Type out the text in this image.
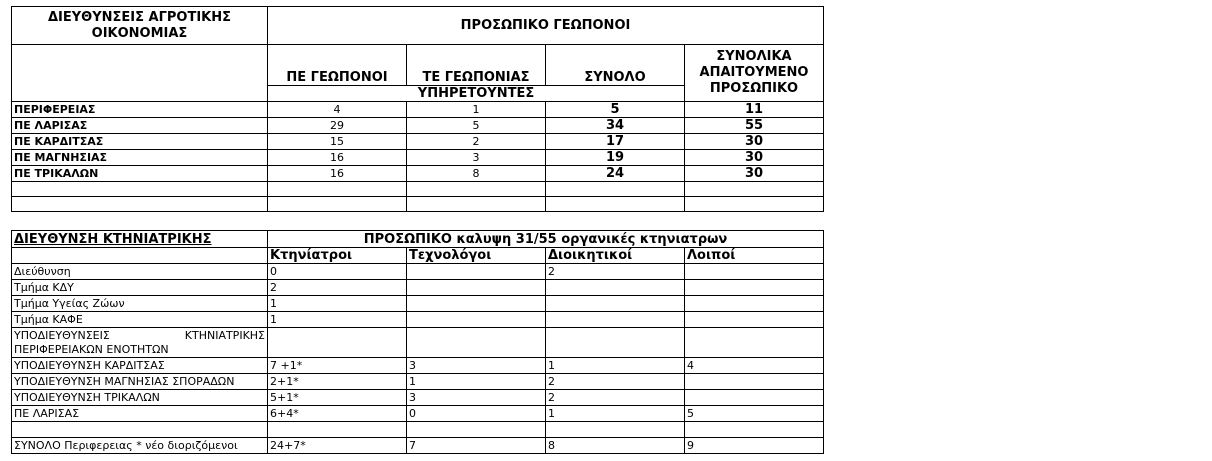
ΔΙΕΥΘΥΝΣΕΙΣ ΑΓΡΟΤΙΚΗΣ ΟΙΚΟΝΟΜΙΑΣ	ΠΡΟΣΩΠΙΚΟ ΓΕΩΠΟΝΟΙ			
	ΠΕ ΓΕΩΠΟΝΟΙ	ΤΕ ΓΕΩΠΟΝΙΑΣ	ΣΥΝΟΛΟ	ΣΥΝΟΛΙΚΑ ΑΠΑΙΤΟΥΜΕΝΟ ΠΡΟΣΩΠΙΚΟ
	ΥΠΗΡΕΤΟΥΝΤΕΣ			
ΠΕΡΙΦΕΡΕΙΑΣ	4	1	5	11
ΠΕ ΛΑΡΙΣΑΣ	29	5	34	55
ΠΕ ΚΑΡΔΙΤΣΑΣ	15	2	17	30
ΠΕ ΜΑΓΝΗΣΙΑΣ	16	3	19	30
ΠΕ ΤΡΙΚΑΛΩΝ	16	8	24	30

ΔΙΕΥΘΥΝΣΗ ΚΤΗΝΙΑΤΡΙΚΗΣ	ΠΡΟΣΩΠΙΚΟ καλυψη 31/55 οργανικές κτηνιατρων			
	Κτηνίατροι	Τεχνολόγοι	Διοικητικοί	Λοιποί
Διεύθυνση	0		2	
Τμήμα ΚΔΥ	2			
Τμήμα Υγείας Ζώων	1			
Τμήμα ΚΑΦΕ	1			

ΥΠΟΔΙΕΥΘΥΝΣΕΙΣ ΚΤΗΝΙΑΤΡΙΚΗΣ
ΠΕΡΙΦΕΡΕΙΑΚΩΝ ΕΝΟΤΗΤΩΝ				

ΥΠΟΔΙΕΥΘΥΝΣΗ ΚΑΡΔΙΤΣΑΣ	7 +1*	3	1	4
ΥΠΟΔΙΕΥΘΥΝΣΗ ΜΑΓΝΗΣΙΑΣ ΣΠΟΡΑΔΩΝ	2+1*	1	2	
ΥΠΟΔΙΕΥΘΥΝΣΗ ΤΡΙΚΑΛΩΝ	5+1*	3	2	
ΠΕ ΛΑΡΙΣΑΣ	6+4*	0	1	5

ΣΥΝΟΛΟ Περιφερειας * νέο διοριζόμενοι	24+7*	7	8	9
